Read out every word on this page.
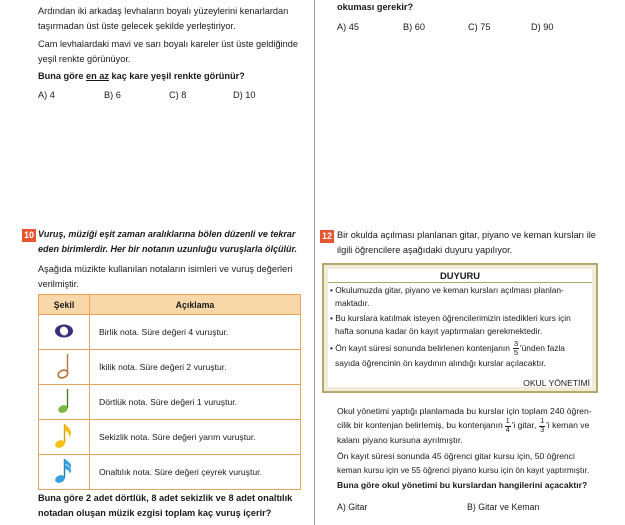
Ardından iki arkadaş levhaların boyalı yüzeylerini kenarlardan
taşırmadan üst üste gelecek şekilde yerleştiriyor.
Cam levhalardaki mavi ve sarı boyalı kareler üst üste geldiğinde
yeşil renkte görünüyor.
Buna göre en az kaç kare yeşil renkte görünür?
A) 4	B) 6	C) 8	D) 10
okuması gerekir?
A) 45	B) 60	C) 75	D) 90
10 Vuruş, müziği eşit zaman aralıklarına bölen düzenli ve tekrar
eden birimlerdir. Her bir notanın uzunluğu vuruşlarla ölçülür.
Aşağıda müzikte kullanılan notaların isimleri ve vuruş değerleri
verilmiştir.
Şekil	Açıklama
	Birlik nota. Süre değeri 4 vuruştur.
	İkilik nota. Süre değeri 2 vuruştur.
	Dörtlük nota. Süre değeri 1 vuruştur.
	Sekizlik nota. Süre değeri yarım vuruştur.
	Onaltılık nota. Süre değeri çeyrek vuruştur.
Buna göre 2 adet dörtlük, 8 adet sekizlik ve 8 adet onaltılık
notadan oluşan müzik ezgisi toplam kaç vuruş içerir?
12 Bir okulda açılması planlanan gitar, piyano ve keman kursları ile
ilgili öğrencilere aşağıdaki duyuru yapılıyor.
DUYURU
• Okulumuzda gitar, piyano ve keman kursları açılması planlan-
maktadır.
• Bu kurslara katılmak isteyen öğrencilerimizin istedikleri kurs için
hafta sonuna kadar ön kayıt yaptırmaları gerekmektedir.
• Ön kayıt süresi sonunda belirlenen kontenjanın $\frac{3}{5}$ 'ünden fazla
sayıda öğrencinin ön kaydının alındığı kurslar açılacaktır.
OKUL YÖNETİMİ
Okul yönetimi yaptığı planlamada bu kurslar için toplam 240 öğren-
cilik bir kontenjan belirlemiş, bu kontenjanın $\frac{1}{4}$ 'i gitar, $\frac{1}{3}$ 'i keman ve
kalanı piyano kursuna ayrılmıştır.
Ön kayıt süresi sonunda 45 öğrenci gitar kursu için, 50 öğrenci
keman kursu için ve 55 öğrenci piyano kursu için ön kayıt yaptırmıştır.
Buna göre okul yönetimi bu kurslardan hangilerini açacaktır?
A) Gitar	B) Gitar ve Keman
